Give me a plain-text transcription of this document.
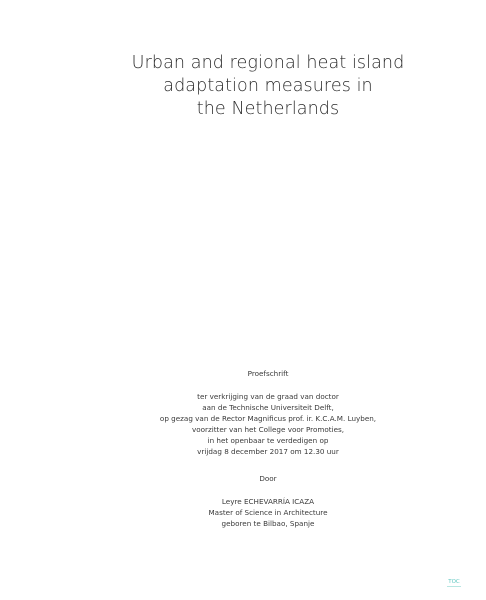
Urban and regional heat island
adaptation measures in
the Netherlands
Proefschrift
ter verkrijging van de graad van doctor
aan de Technische Universiteit Delft,
op gezag van de Rector Magnificus prof. ir. K.C.A.M. Luyben,
voorzitter van het College voor Promoties,
in het openbaar te verdedigen op
vrijdag 8 december 2017 om 12.30 uur
Door
Leyre ECHEVARRÍA ICAZA
Master of Science in Architecture
geboren te Bilbao, Spanje
TOC
